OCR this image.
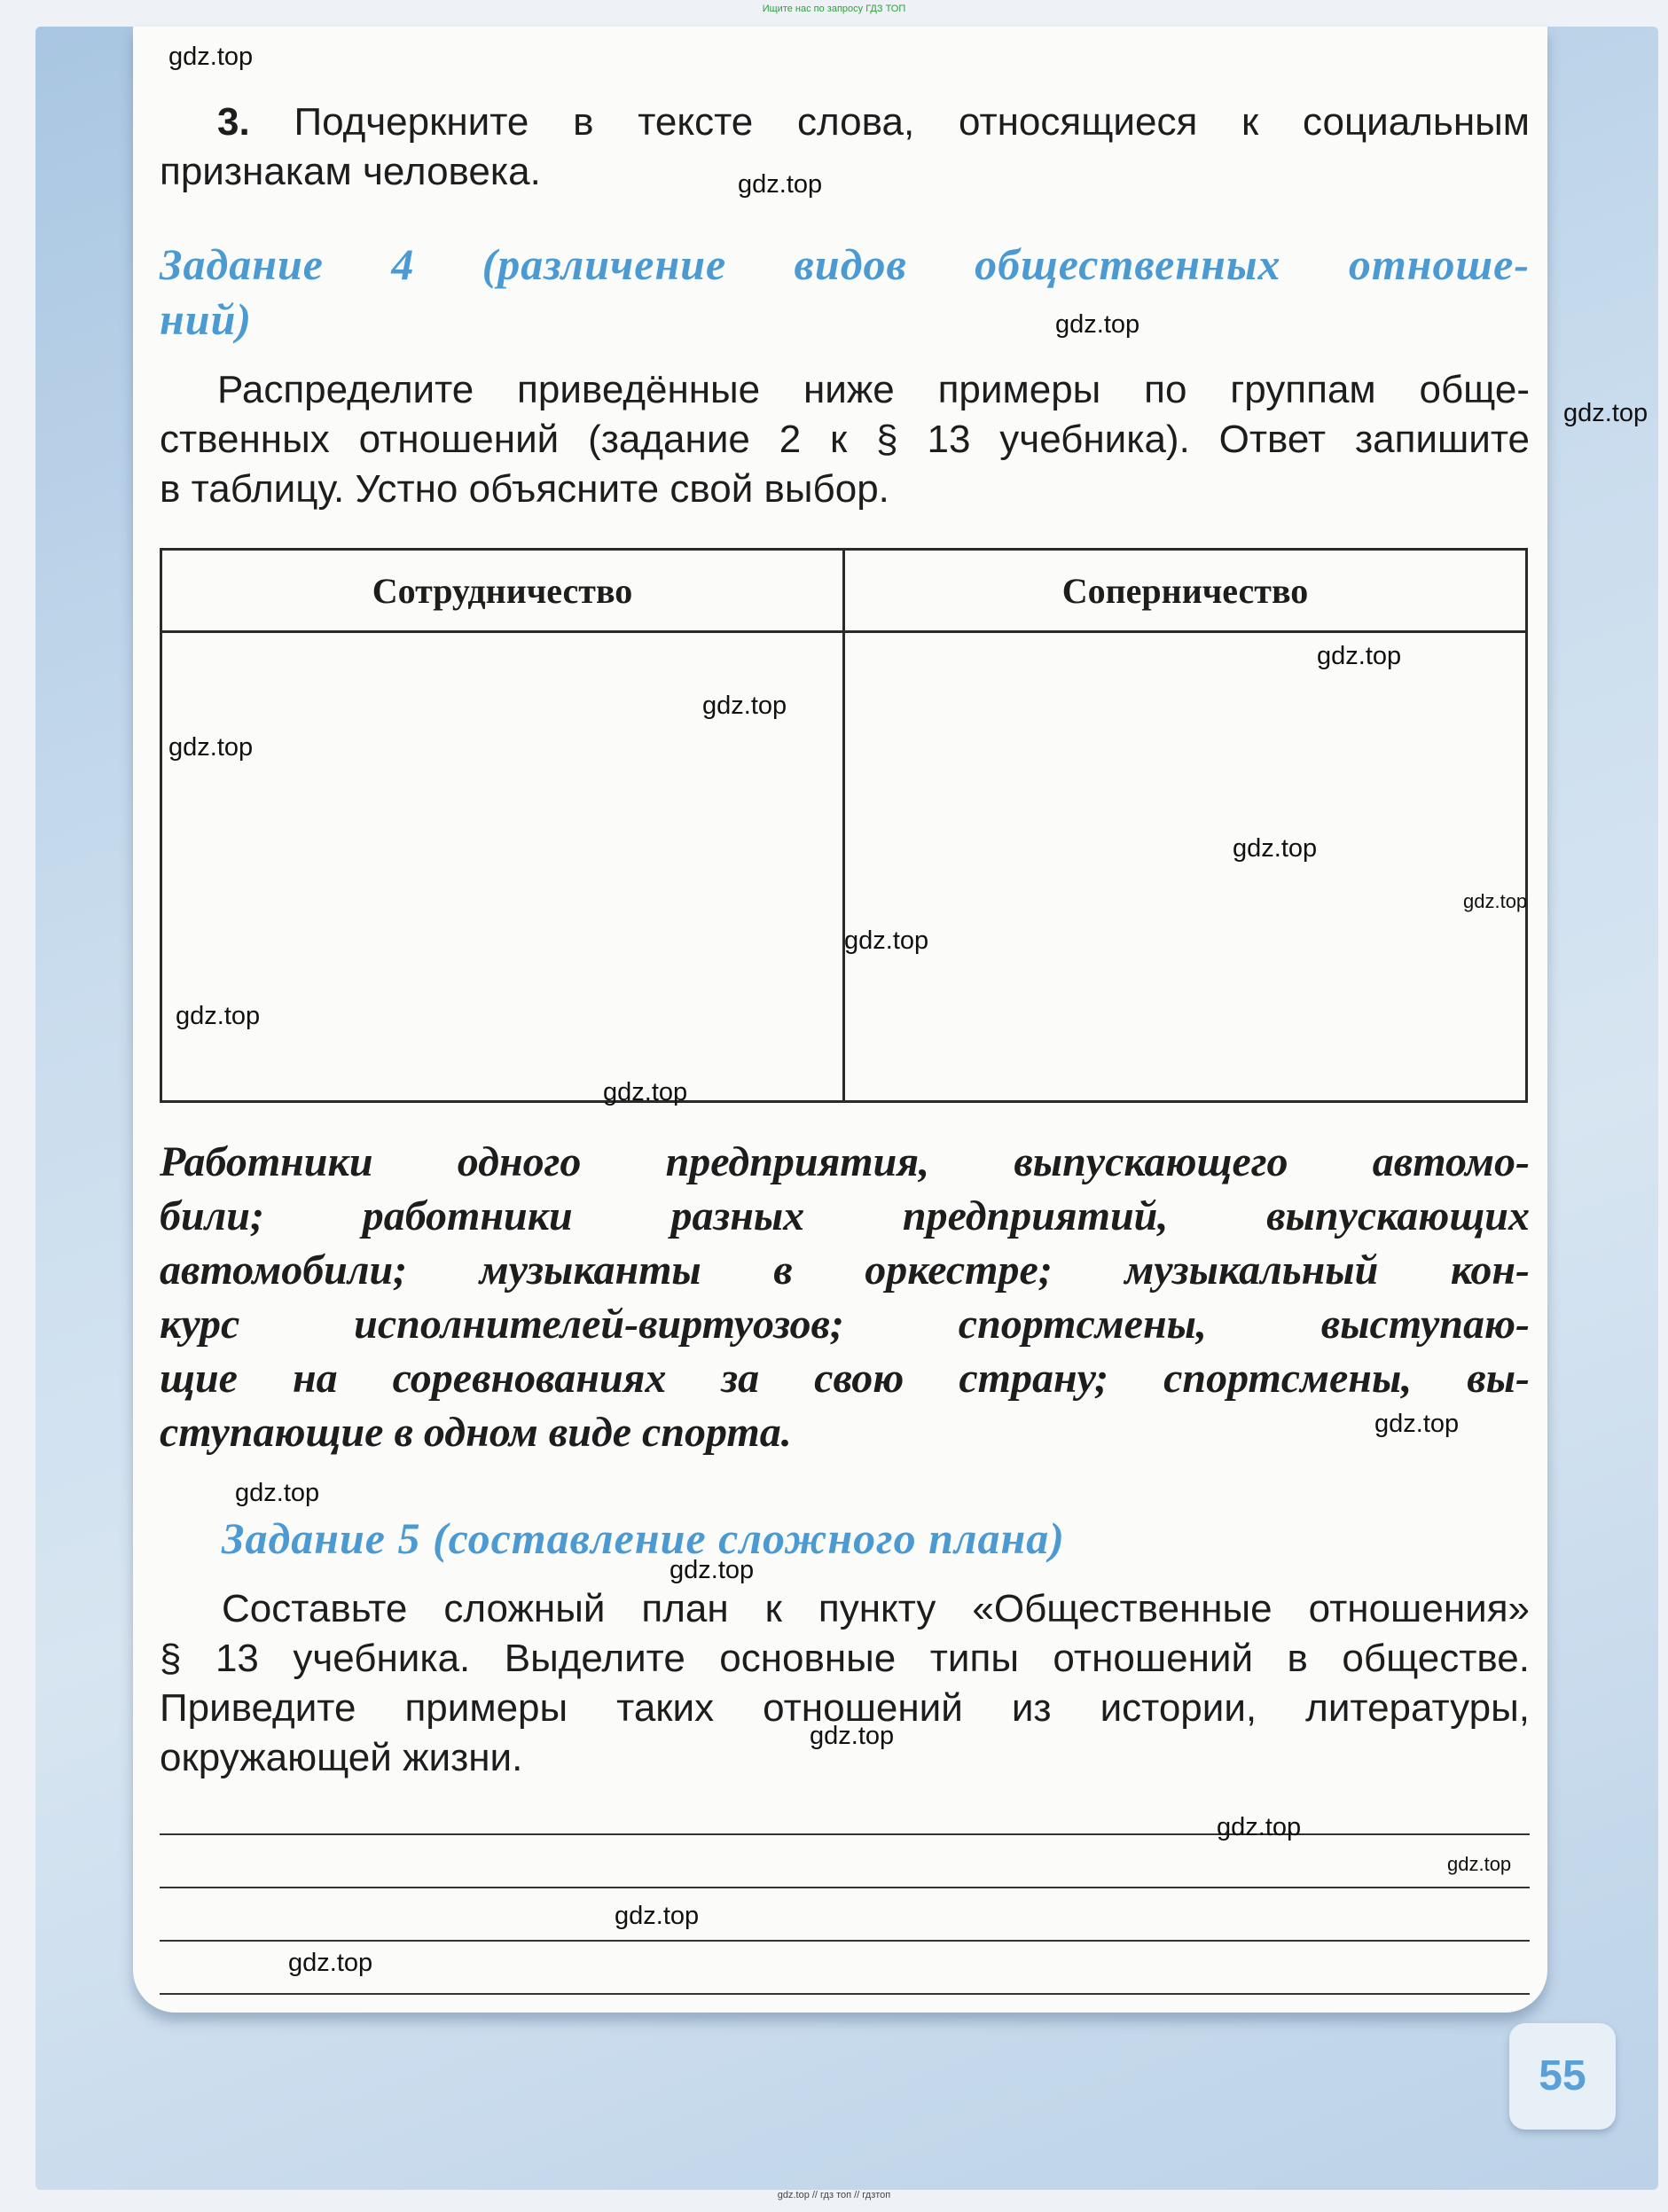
Ищите нас по запросу ГДЗ ТОП

3. Подчеркните в тексте слова, относящиеся к социальным

признакам человека.

Задание 4 (различение видов общественных отноше-

ний)

Распределите приведённые ниже примеры по группам обще-

ственных отношений (задание 2 к § 13 учебника). Ответ запишите

в таблицу. Устно объясните свой выбор.

Сотрудничество	Соперничество

Работники одного предприятия, выпускающего автомо-
били; работники разных предприятий, выпускающих
автомобили; музыканты в оркестре; музыкальный кон-
курс исполнителей-виртуозов; спортсмены, выступаю-
щие на соревнованиях за свою страну; спортсмены, вы-
ступающие в одном виде спорта.

Задание 5 (составление сложного плана)

Составьте сложный план к пункту «Общественные отношения»

§ 13 учебника. Выделите основные типы отношений в обществе.

Приведите примеры таких отношений из истории, литературы,

окружающей жизни.

55
gdz.top
gdz.top
gdz.top
gdz.top
gdz.top
gdz.top
gdz.top
gdz.top
gdz.top
gdz.top
gdz.top
gdz.top
gdz.top
gdz.top
gdz.top
gdz.top
gdz.top
gdz.top
gdz.top
gdz.top
gdz.top // гдз топ // гдзтоп
